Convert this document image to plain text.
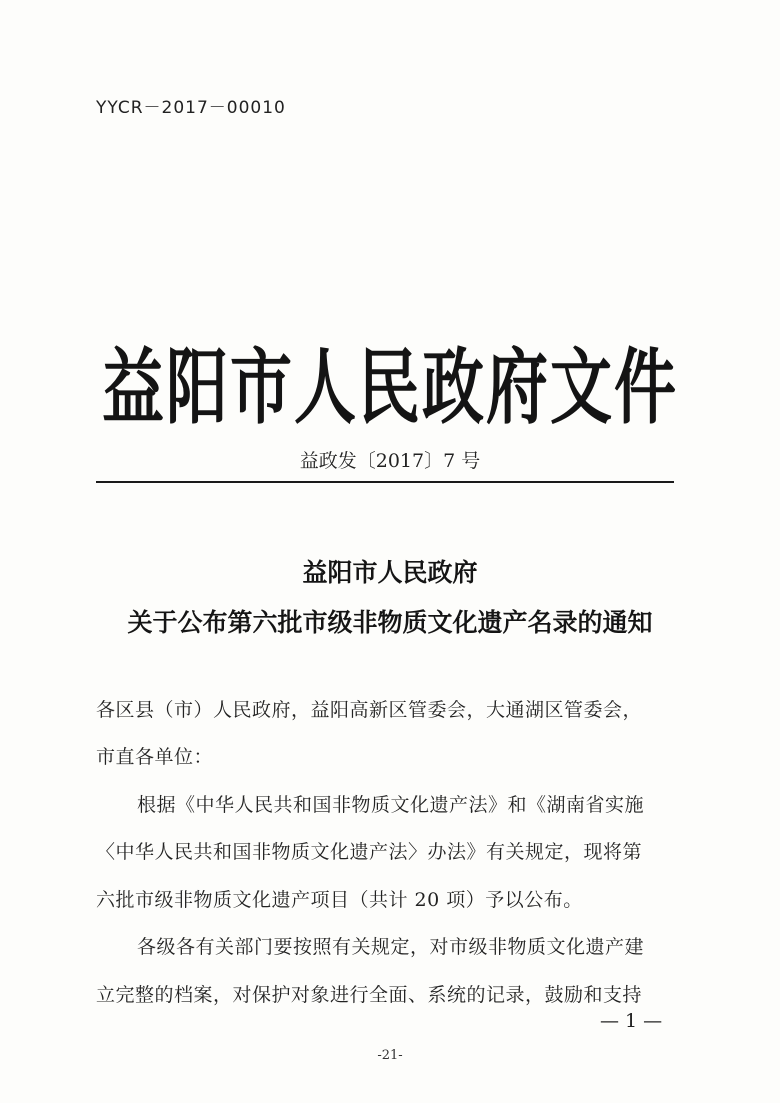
YYCR－2017－00010
益阳市人民政府文件
益政发〔2017〕7 号
益阳市人民政府
关于公布第六批市级非物质文化遗产名录的通知
各区县（市）人民政府，益阳高新区管委会，大通湖区管委会，
市直各单位：
根据《中华人民共和国非物质文化遗产法》和《湖南省实施
〈中华人民共和国非物质文化遗产法〉办法》有关规定，现将第
六批市级非物质文化遗产项目（共计 20 项）予以公布。
各级各有关部门要按照有关规定，对市级非物质文化遗产建
立完整的档案，对保护对象进行全面、系统的记录，鼓励和支持
— 1 —
-21-
